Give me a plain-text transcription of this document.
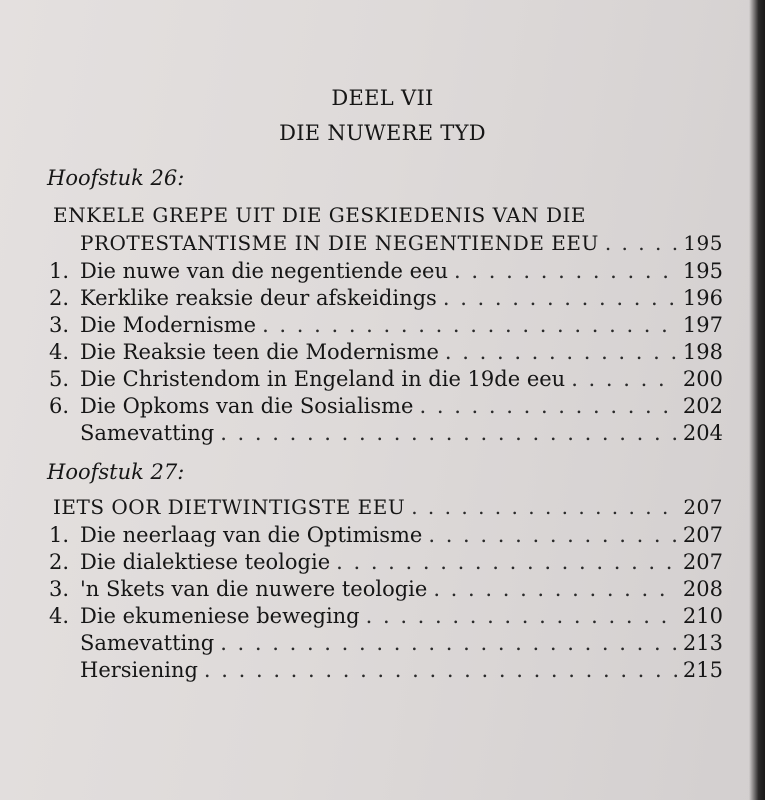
DEEL VII
DIE NUWERE TYD
Hoofstuk 26:
ENKELE GREPE UIT DIE GESKIEDENIS VAN DIE
PROTESTANTISME IN DIE NEGENTIENDE EEU . . .	195
1. Die nuwe van die negentiende eeu . . .	195
2. Kerklike reaksie deur afskeidings . . .	196
3. Die Modernisme . . .	197
4. Die Reaksie teen die Modernisme . . .	198
5. Die Christendom in Engeland in die 19de eeu . . .	200
6. Die Opkoms van die Sosialisme . . .	202
Samevatting . . .	204
Hoofstuk 27:
IETS OOR DIETWINTIGSTE EEU . . .	207
1. Die neerlaag van die Optimisme . . .	207
2. Die dialektiese teologie . . .	207
3. 'n Skets van die nuwere teologie . . .	208
4. Die ekumeniese beweging . . .	210
Samevatting . . .	213
Hersiening . . .	215
